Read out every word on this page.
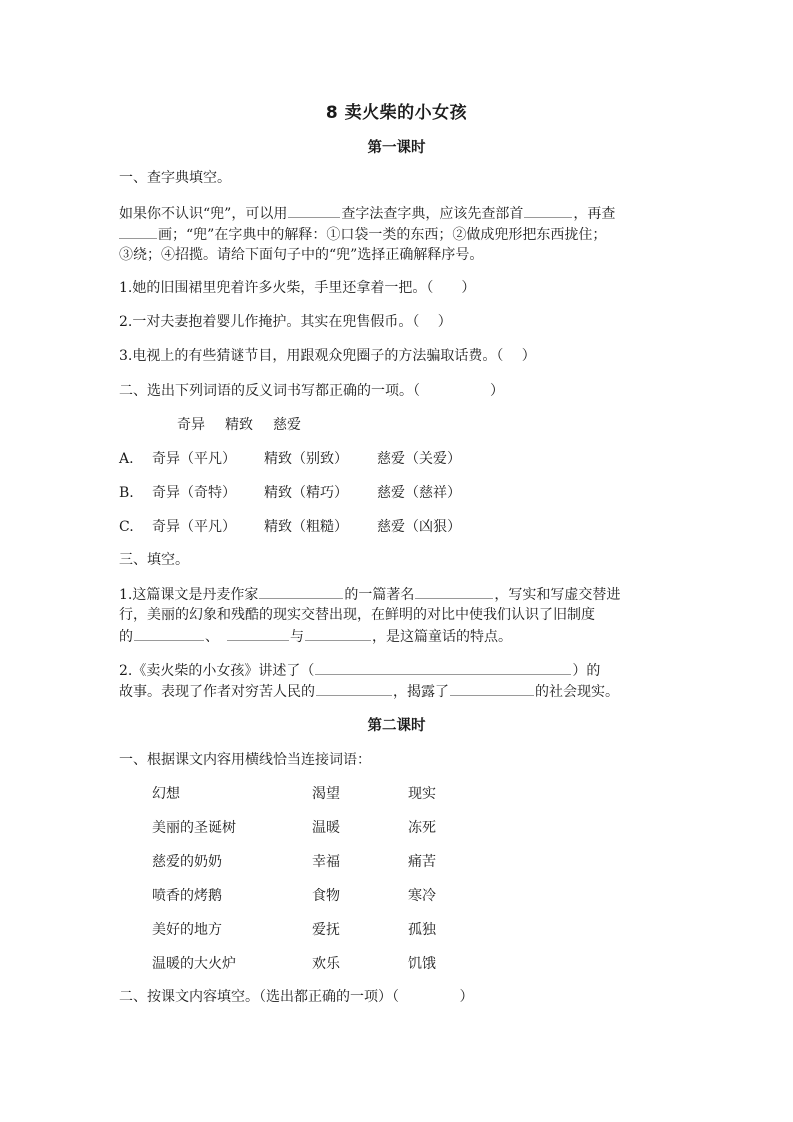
8 卖火柴的小女孩
第一课时
一、查字典填空。
如果你不认识“兜”，可以用	查字法查字典，应该先查部首	，再查
画；“兜”在字典中的解释：①口袋一类的东西；②做成兜形把东西拢住；
③绕；④招揽。请给下面句子中的“兜”选择正确解释序号。
1.她的旧围裙里兜着许多火柴，手里还拿着一把。（　　）
2.一对夫妻抱着婴儿作掩护。其实在兜售假币。（　 ）
3.电视上的有些猜谜节目，用跟观众兜圈子的方法骗取话费。（　 ）
二、选出下列词语的反义词书写都正确的一项。（　　　　　）
奇异 精致 慈爱
A. 奇异（平凡） 精致（别致） 慈爱（关爱）
B. 奇异（奇特） 精致（精巧） 慈爱（慈祥）
C. 奇异（平凡） 精致（粗糙） 慈爱（凶狠）
三、填空。
1.这篇课文是丹麦作家	的一篇著名	，写实和写虚交替进
行，美丽的幻象和残酷的现实交替出现，在鲜明的对比中使我们认识了旧制度
的	、	与	，是这篇童话的特点。
2.《卖火柴的小女孩》讲述了（	）的
故事。表现了作者对穷苦人民的	，揭露了	的社会现实。
第二课时
一、根据课文内容用横线恰当连接词语：
幻想	渴望	现实
美丽的圣诞树	温暖	冻死
慈爱的奶奶	幸福	痛苦
喷香的烤鹅	食物	寒冷
美好的地方	爱抚	孤独
温暖的大火炉	欢乐	饥饿
二、按课文内容填空。（选出都正确的一项）（　　　　 ）
